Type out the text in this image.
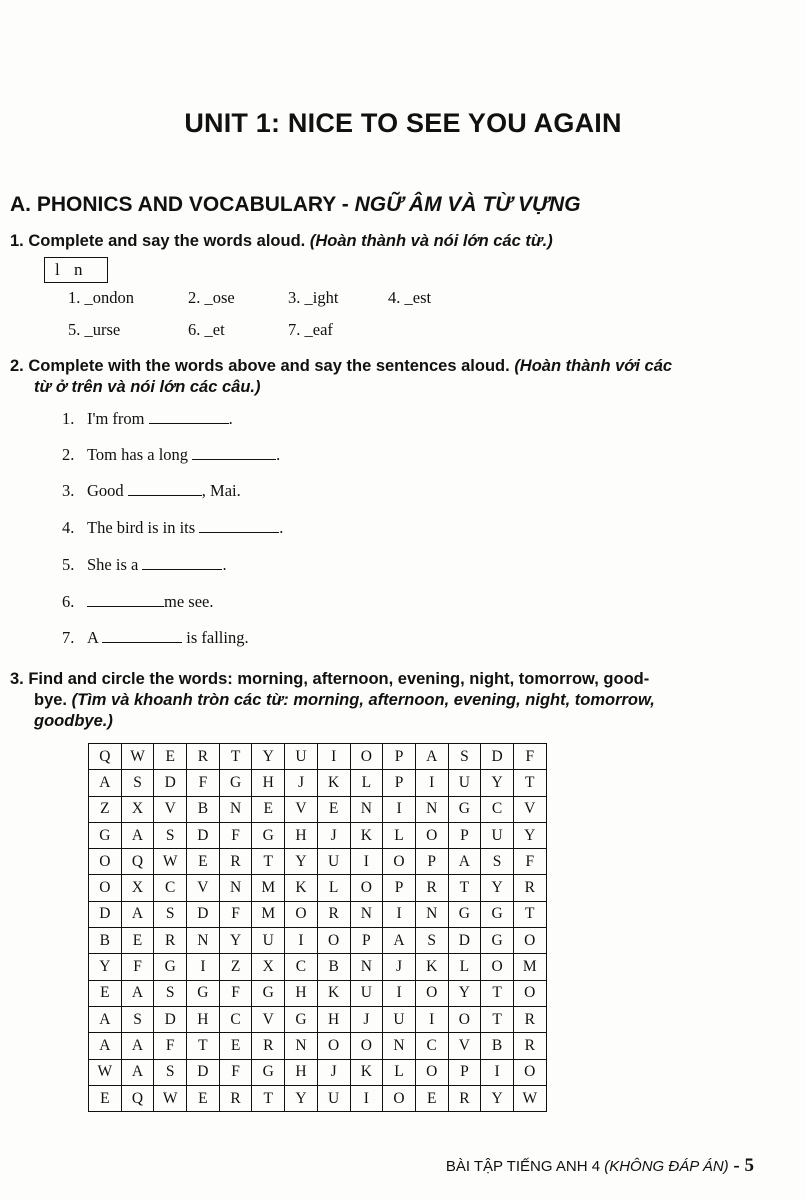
UNIT 1: NICE TO SEE YOU AGAIN
A. PHONICS AND VOCABULARY - NGỮ ÂM VÀ TỪ VỰNG
1. Complete and say the words aloud. (Hoàn thành và nói lớn các từ.)
l n
1. _ondon	2. _ose	3. _ight	4. _est
5. _urse	6. _et	7. _eaf
2. Complete with the words above and say the sentences aloud. (Hoàn thành với các
từ ở trên và nói lớn các câu.)
1. I'm from	.
2. Tom has a long	.
3. Good	, Mai.
4. The bird is in its	.
5. She is a	.
6.	me see.
7. A	is falling.
3. Find and circle the words: morning, afternoon, evening, night, tomorrow, good-
bye. (Tìm và khoanh tròn các từ: morning, afternoon, evening, night, tomorrow,
goodbye.)
Q	W	E	R	T	Y	U	I	O	P	A	S	D	F
A	S	D	F	G	H	J	K	L	P	I	U	Y	T
Z	X	V	B	N	E	V	E	N	I	N	G	C	V
G	A	S	D	F	G	H	J	K	L	O	P	U	Y
O	Q	W	E	R	T	Y	U	I	O	P	A	S	F
O	X	C	V	N	M	K	L	O	P	R	T	Y	R
D	A	S	D	F	M	O	R	N	I	N	G	G	T
B	E	R	N	Y	U	I	O	P	A	S	D	G	O
Y	F	G	I	Z	X	C	B	N	J	K	L	O	M
E	A	S	G	F	G	H	K	U	I	O	Y	T	O
A	S	D	H	C	V	G	H	J	U	I	O	T	R
A	A	F	T	E	R	N	O	O	N	C	V	B	R
W	A	S	D	F	G	H	J	K	L	O	P	I	O
E	Q	W	E	R	T	Y	U	I	O	E	R	Y	W
BÀI TẬP TIẾNG ANH 4 (KHÔNG ĐÁP ÁN) - 5
